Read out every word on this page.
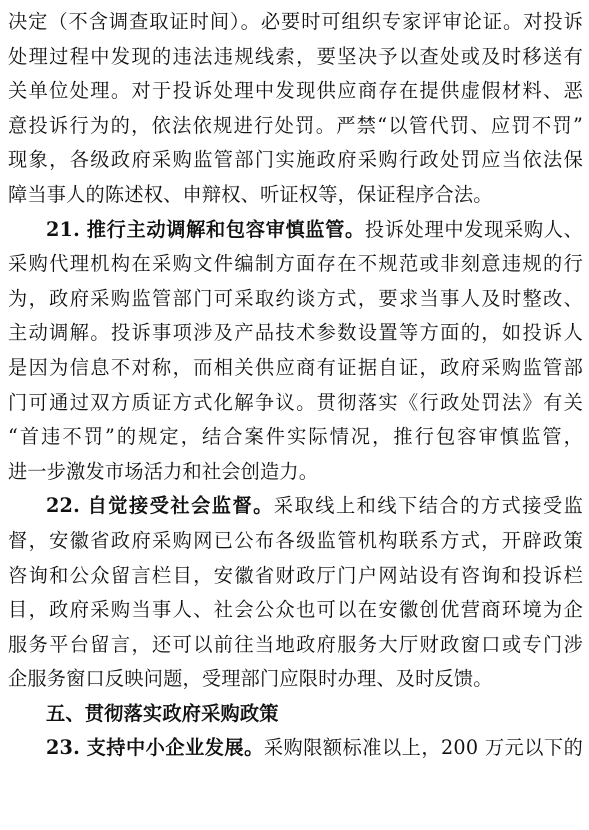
决定（不含调查取证时间）。必要时可组织专家评审论证。对投诉
处理过程中发现的违法违规线索，要坚决予以查处或及时移送有
关单位处理。对于投诉处理中发现供应商存在提供虚假材料、恶
意投诉行为的，依法依规进行处罚。严禁“以管代罚、应罚不罚”
现象，各级政府采购监管部门实施政府采购行政处罚应当依法保
障当事人的陈述权、申辩权、听证权等，保证程序合法。
21. 推行主动调解和包容审慎监管。投诉处理中发现采购人、
采购代理机构在采购文件编制方面存在不规范或非刻意违规的行
为，政府采购监管部门可采取约谈方式，要求当事人及时整改、
主动调解。投诉事项涉及产品技术参数设置等方面的，如投诉人
是因为信息不对称，而相关供应商有证据自证，政府采购监管部
门可通过双方质证方式化解争议。贯彻落实《行政处罚法》有关
“首违不罚”的规定，结合案件实际情况，推行包容审慎监管，
进一步激发市场活力和社会创造力。
22. 自觉接受社会监督。采取线上和线下结合的方式接受监
督，安徽省政府采购网已公布各级监管机构联系方式，开辟政策
咨询和公众留言栏目，安徽省财政厅门户网站设有咨询和投诉栏
目，政府采购当事人、社会公众也可以在安徽创优营商环境为企
服务平台留言，还可以前往当地政府服务大厅财政窗口或专门涉
企服务窗口反映问题，受理部门应限时办理、及时反馈。
五、贯彻落实政府采购政策
23. 支持中小企业发展。采购限额标准以上，200 万元以下的
